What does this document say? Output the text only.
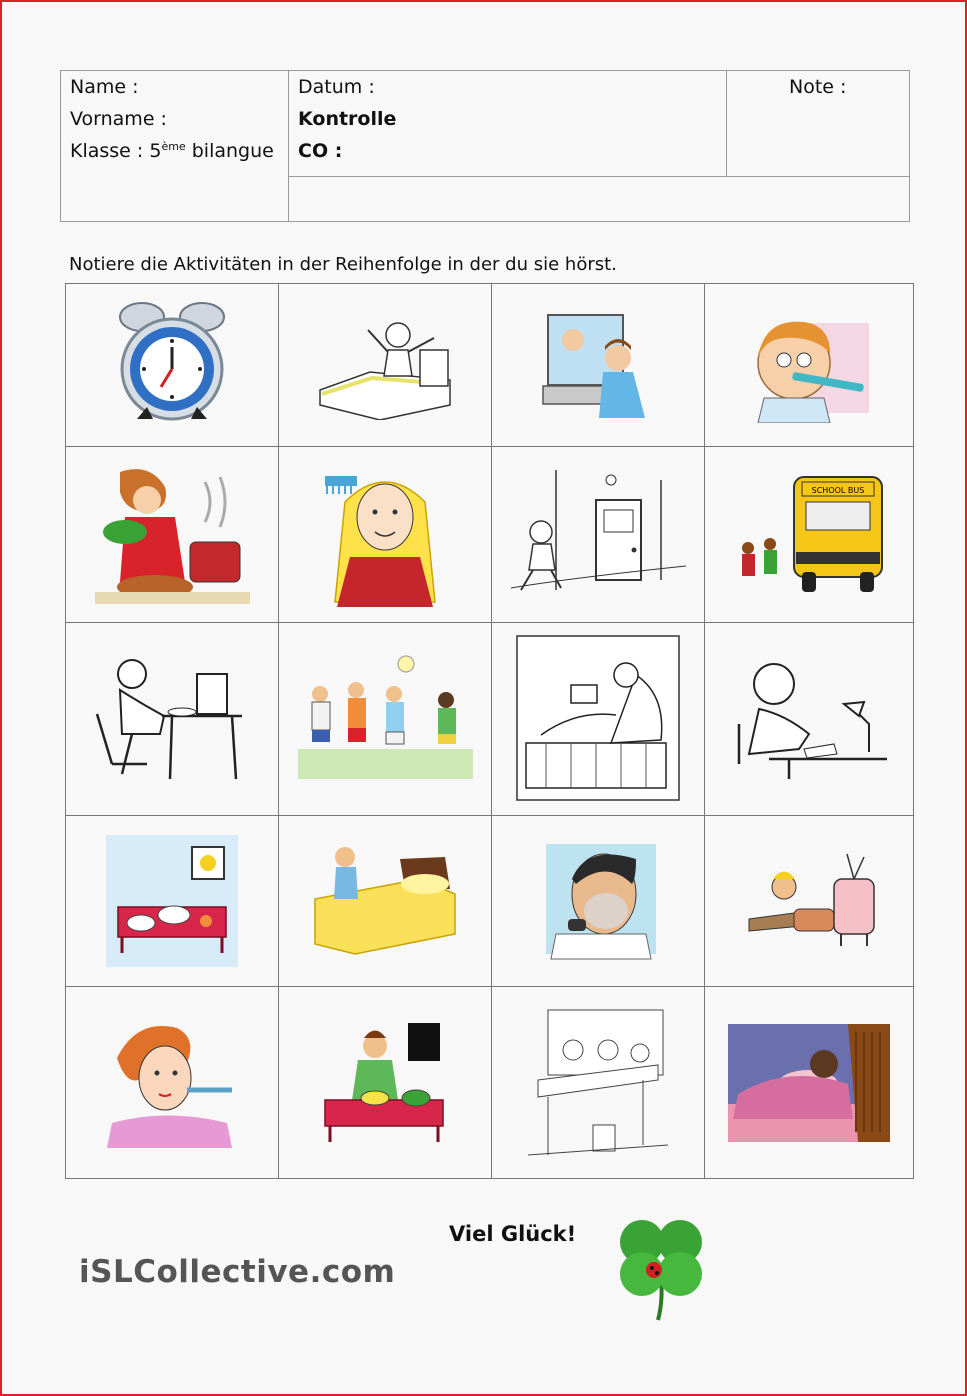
Name :
Vorname :
Klasse : 5ème bilangue
Datum :
Kontrolle
CO :
Note :
Notiere die Aktivitäten in der Reihenfolge in der du sie hörst.
SCHOOL BUS
Viel Glück!
iSLCollective.com
